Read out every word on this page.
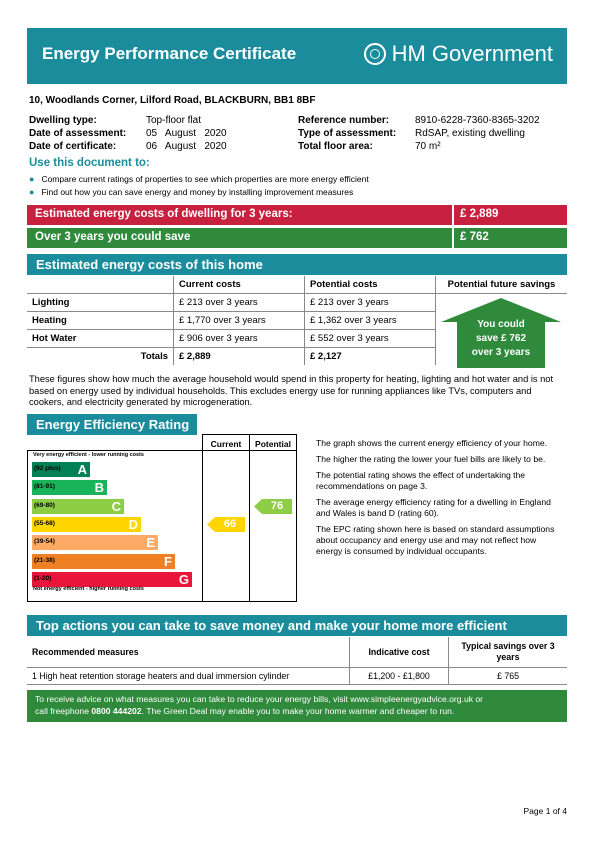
Energy Performance Certificate	HM Government
10, Woodlands Corner, Lilford Road, BLACKBURN, BB1 8BF
Dwelling type:	Top-floor flat
Date of assessment: 05   August   2020
Date of certificate:	06   August   2020
Reference number:	8910-6228-7360-8365-3202
Type of assessment: RdSAP, existing dwelling
Total floor area:	70 m²
Use this document to:
● Compare current ratings of properties to see which properties are more energy efficient
● Find out how you can save energy and money by installing improvement measures
Estimated energy costs of dwelling for 3 years:	£ 2,889
Over 3 years you could save	£ 762
Estimated energy costs of this home
	Current costs	Potential costs	Potential future savings
Lighting	£ 213 over 3 years	£ 213 over 3 years	You could
save £ 762
over 3 years

Heating	£ 1,770 over 3 years	£ 1,362 over 3 years	
Hot Water	£ 906 over 3 years	£ 552 over 3 years	
Totals	£ 2,889	£ 2,127	
These figures show how much the average household would spend in this property for heating, lighting and hot water and is not based on energy used by individual households. This excludes energy use for running appliances like TVs, computers and cookers, and electricity generated by microgeneration.
Energy Efficiency Rating
Current	Potential
Very energy efficient - lower running costs
(92 plus) A
(81-91)	B
(69-80)	C
(55-68)	D
(39-54)	E
(21-38)	F
(1-20)	G
Not energy efficient - higher running costs
66
76

The graph shows the current energy efficiency of your home.

The higher the rating the lower your fuel bills are likely to be.

The potential rating shows the effect of undertaking the recommendations on page 3.

The average energy efficiency rating for a dwelling in England and Wales is band D (rating 60).

The EPC rating shown here is based on standard assumptions about occupancy and energy use and may not reflect how energy is consumed by individual occupants.

Top actions you can take to save money and make your home more efficient
Recommended measures	Indicative cost	Typical savings over 3 years
1 High heat retention storage heaters and dual immersion cylinder	£1,200 - £1,800	£ 765
To receive advice on what measures you can take to reduce your energy bills, visit www.simpleenergyadvice.org.uk or
call freephone 0800 444202. The Green Deal may enable you to make your home warmer and cheaper to run.
Page 1 of 4
